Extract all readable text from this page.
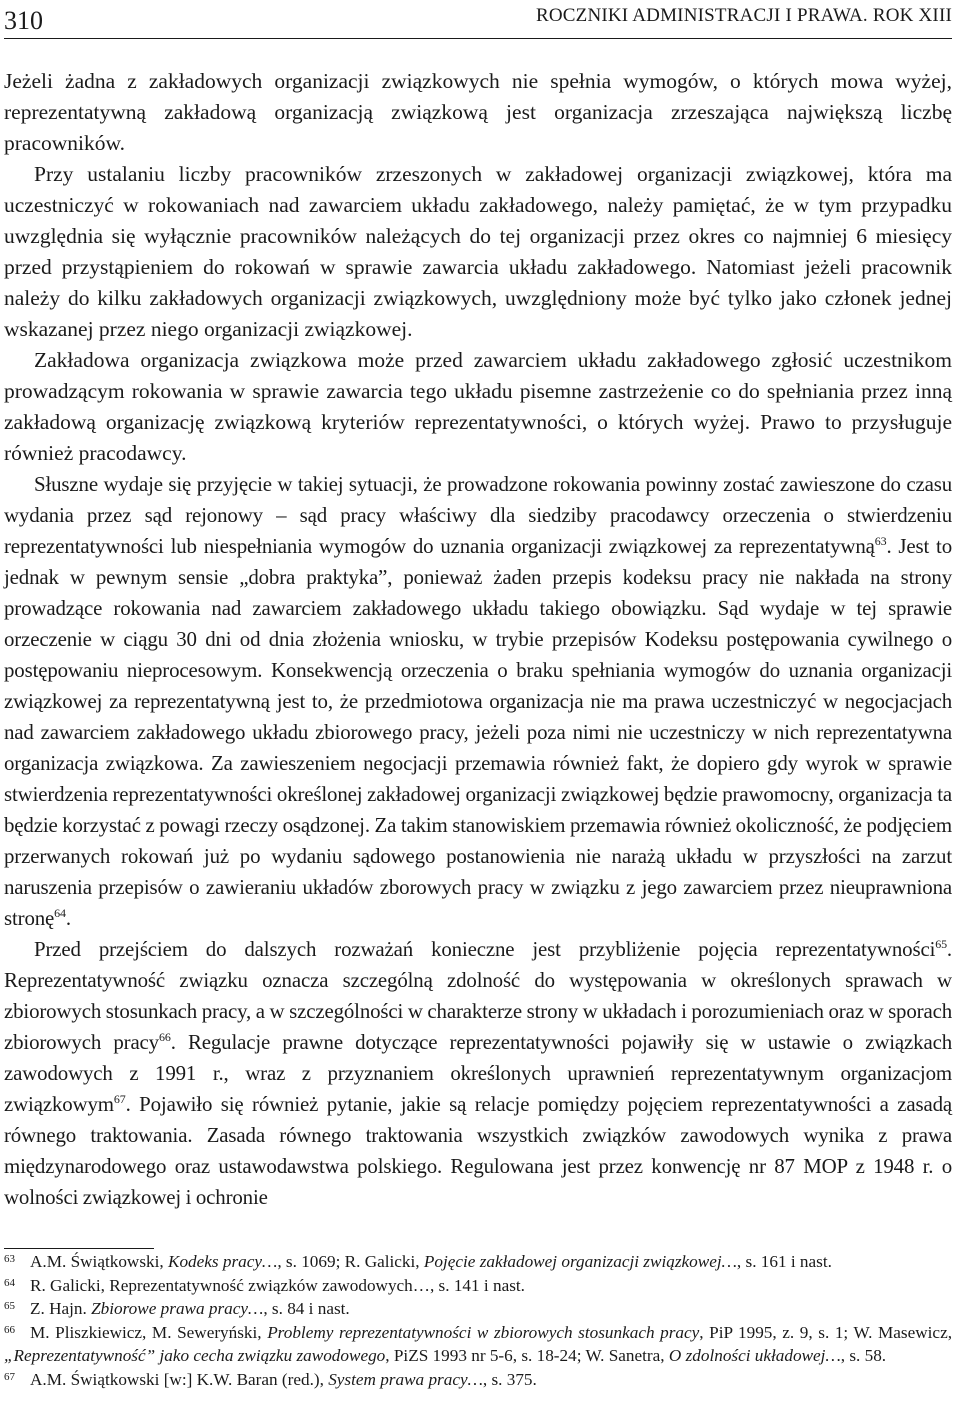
310	ROCZNIKI ADMINISTRACJI I PRAWA. ROK XIII

Jeżeli żadna z zakładowych organizacji związkowych nie spełnia wymogów, o których mowa wyżej, reprezentatywną zakładową organizacją związkową jest organizacja zrzeszająca największą liczbę pracowników.

Przy ustalaniu liczby pracowników zrzeszonych w zakładowej organizacji związkowej, która ma uczestniczyć w rokowaniach nad zawarciem układu zakładowego, należy pamiętać, że w tym przypadku uwzględnia się wyłącznie pracowników należących do tej organizacji przez okres co najmniej 6 miesięcy przed przystąpieniem do rokowań w sprawie zawarcia układu zakładowego. Natomiast jeżeli pracownik należy do kilku zakładowych organizacji związkowych, uwzględniony może być tylko jako członek jednej wskazanej przez niego organizacji związkowej.

Zakładowa organizacja związkowa może przed zawarciem układu zakładowego zgłosić uczestnikom prowadzącym rokowania w sprawie zawarcia tego układu pisemne zastrzeżenie co do spełniania przez inną zakładową organizację związkową kryteriów reprezentatywności, o których wyżej. Prawo to przysługuje również pracodawcy.

Słuszne wydaje się przyjęcie w takiej sytuacji, że prowadzone rokowania powinny zostać zawieszone do czasu wydania przez sąd rejonowy – sąd pracy właściwy dla siedziby pracodawcy orzeczenia o stwierdzeniu reprezentatywności lub niespełniania wymogów do uznania organizacji związkowej za reprezentatywną$^{63}$. Jest to jednak w pewnym sensie „dobra praktyka”, ponieważ żaden przepis kodeksu pracy nie nakłada na strony prowadzące rokowania nad zawarciem zakładowego układu takiego obowiązku. Sąd wydaje w tej sprawie orzeczenie w ciągu 30 dni od dnia złożenia wniosku, w trybie przepisów Kodeksu postępowania cywilnego o postępowaniu nieprocesowym. Konsekwencją orzeczenia o braku spełniania wymogów do uznania organizacji związkowej za reprezentatywną jest to, że przedmiotowa organizacja nie ma prawa uczestniczyć w negocjacjach nad zawarciem zakładowego układu zbiorowego pracy, jeżeli poza nimi nie uczestniczy w nich reprezentatywna organizacja związkowa. Za zawieszeniem negocjacji przemawia również fakt, że dopiero gdy wyrok w sprawie stwierdzenia reprezentatywności określonej zakładowej organizacji związkowej będzie prawomocny, organizacja ta będzie korzystać z powagi rzeczy osądzonej. Za takim stanowiskiem przemawia również okoliczność, że podjęciem przerwanych rokowań już po wydaniu sądowego postanowienia nie narażą układu w przyszłości na zarzut naruszenia przepisów o zawieraniu układów zborowych pracy w związku z jego zawarciem przez nieuprawniona stronę$^{64}$.

Przed przejściem do dalszych rozważań konieczne jest przybliżenie pojęcia reprezentatywności$^{65}$. Reprezentatywność związku oznacza szczególną zdolność do występowania w określonych sprawach w zbiorowych stosunkach pracy, a w szczególności w charakterze strony w układach i porozumieniach oraz w sporach zbiorowych pracy$^{66}$. Regulacje prawne dotyczące reprezentatywności pojawiły się w ustawie o związkach zawodowych z 1991 r., wraz z przyznaniem określonych uprawnień reprezentatywnym organizacjom związkowym$^{67}$. Pojawiło się również pytanie, jakie są relacje pomiędzy pojęciem reprezentatywności a zasadą równego traktowania. Zasada równego traktowania wszystkich związków zawodowych wynika z prawa międzynarodowego oraz ustawodawstwa polskiego. Regulowana jest przez konwencję nr 87 MOP z 1948 r. o wolności związkowej i ochronie

63 A.M. Świątkowski, Kodeks pracy…, s. 1069; R. Galicki, Pojęcie zakładowej organizacji związkowej…, s. 161 i nast.

64 R. Galicki, Reprezentatywność związków zawodowych…, s. 141 i nast.

65 Z. Hajn. Zbiorowe prawa pracy…, s. 84 i nast.

66 M. Pliszkiewicz, M. Seweryński, Problemy reprezentatywności w zbiorowych stosunkach pracy, PiP 1995, z. 9, s. 1; W. Masewicz, „Reprezentatywność” jako cecha związku zawodowego, PiZS 1993 nr 5-6, s. 18-24; W. Sanetra, O zdolności układowej…, s. 58.

67 A.M. Świątkowski [w:] K.W. Baran (red.), System prawa pracy…, s. 375.
